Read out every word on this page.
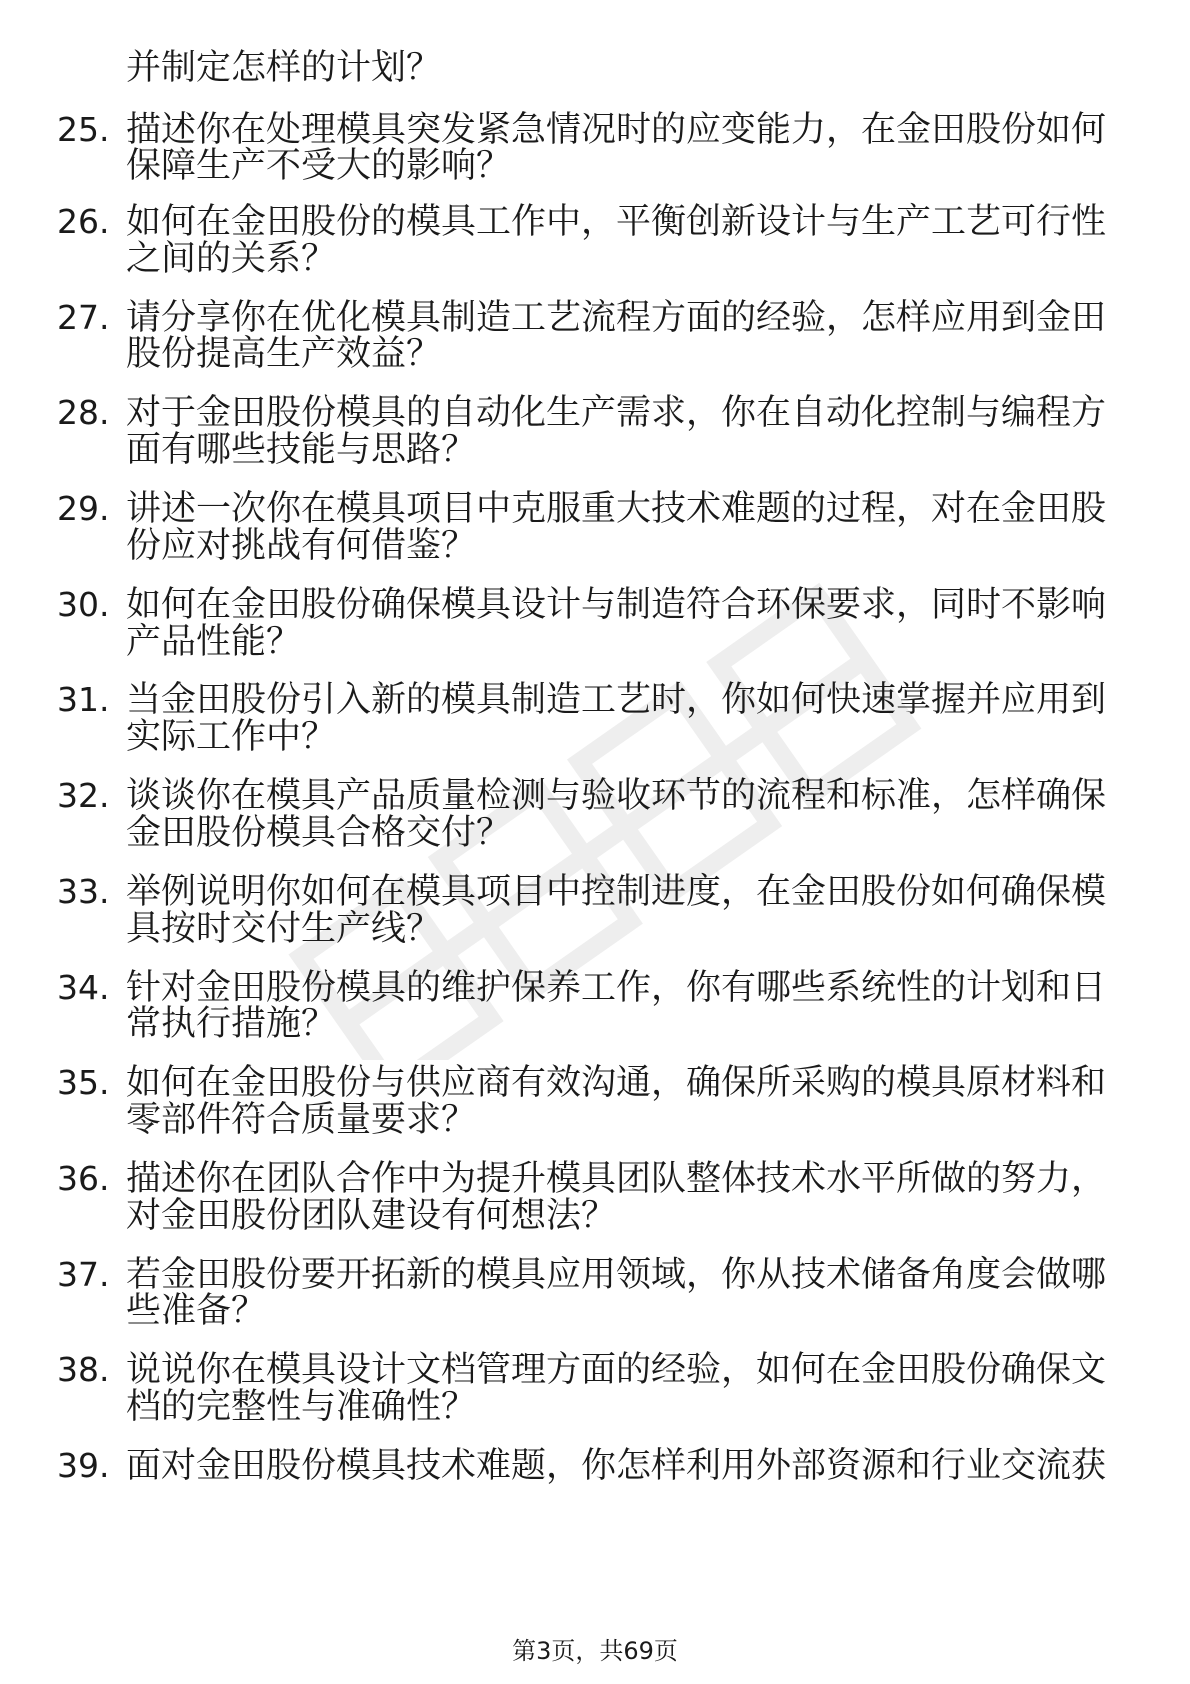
并制定怎样的计划？
25. 描述你在处理模具突发紧急情况时的应变能力，在金田股份如何
保障生产不受大的影响？
26. 如何在金田股份的模具工作中，平衡创新设计与生产工艺可行性
之间的关系？
27. 请分享你在优化模具制造工艺流程方面的经验，怎样应用到金田
股份提高生产效益？
28. 对于金田股份模具的自动化生产需求，你在自动化控制与编程方
面有哪些技能与思路？
29. 讲述一次你在模具项目中克服重大技术难题的过程，对在金田股
份应对挑战有何借鉴？
30. 如何在金田股份确保模具设计与制造符合环保要求，同时不影响
产品性能？
31. 当金田股份引入新的模具制造工艺时，你如何快速掌握并应用到
实际工作中？
32. 谈谈你在模具产品质量检测与验收环节的流程和标准，怎样确保
金田股份模具合格交付？
33. 举例说明你如何在模具项目中控制进度，在金田股份如何确保模
具按时交付生产线？
34. 针对金田股份模具的维护保养工作，你有哪些系统性的计划和日
常执行措施？
35. 如何在金田股份与供应商有效沟通，确保所采购的模具原材料和
零部件符合质量要求？
36. 描述你在团队合作中为提升模具团队整体技术水平所做的努力，
对金田股份团队建设有何想法？
37. 若金田股份要开拓新的模具应用领域，你从技术储备角度会做哪
些准备？
38. 说说你在模具设计文档管理方面的经验，如何在金田股份确保文
档的完整性与准确性？
39. 面对金田股份模具技术难题，你怎样利用外部资源和行业交流获
第3页，共69页
